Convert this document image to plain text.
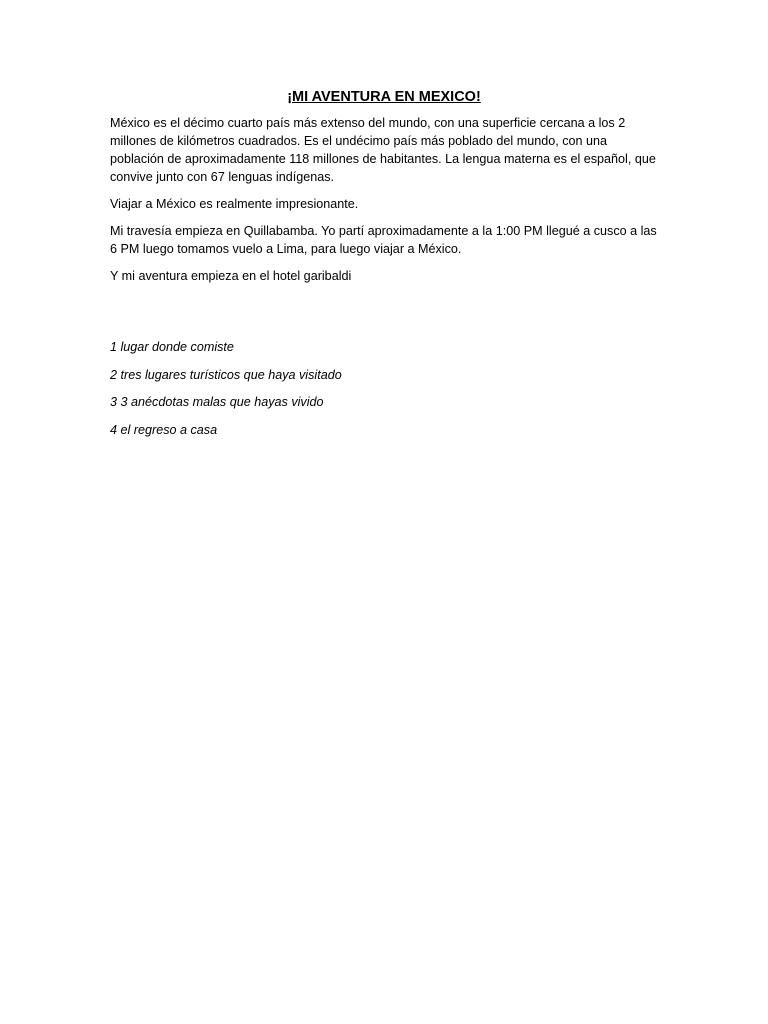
¡MI AVENTURA EN MEXICO!

México es el décimo cuarto país más extenso del mundo, con una superficie cercana a los 2 millones de kilómetros cuadrados. Es el undécimo país más poblado del mundo, con una población de aproximadamente 118 millones de habitantes. La lengua materna es el español, que convive junto con 67 lenguas indígenas.

Viajar a México es realmente impresionante.

Mi travesía empieza en Quillabamba. Yo partí aproximadamente a la 1:00 PM llegué a cusco a las 6 PM luego tomamos vuelo a Lima, para luego viajar a México.

Y mi aventura empieza en el hotel garibaldi

1 lugar donde comiste

2 tres lugares turísticos que haya visitado

3 3 anécdotas malas que hayas vivido

4 el regreso a casa
